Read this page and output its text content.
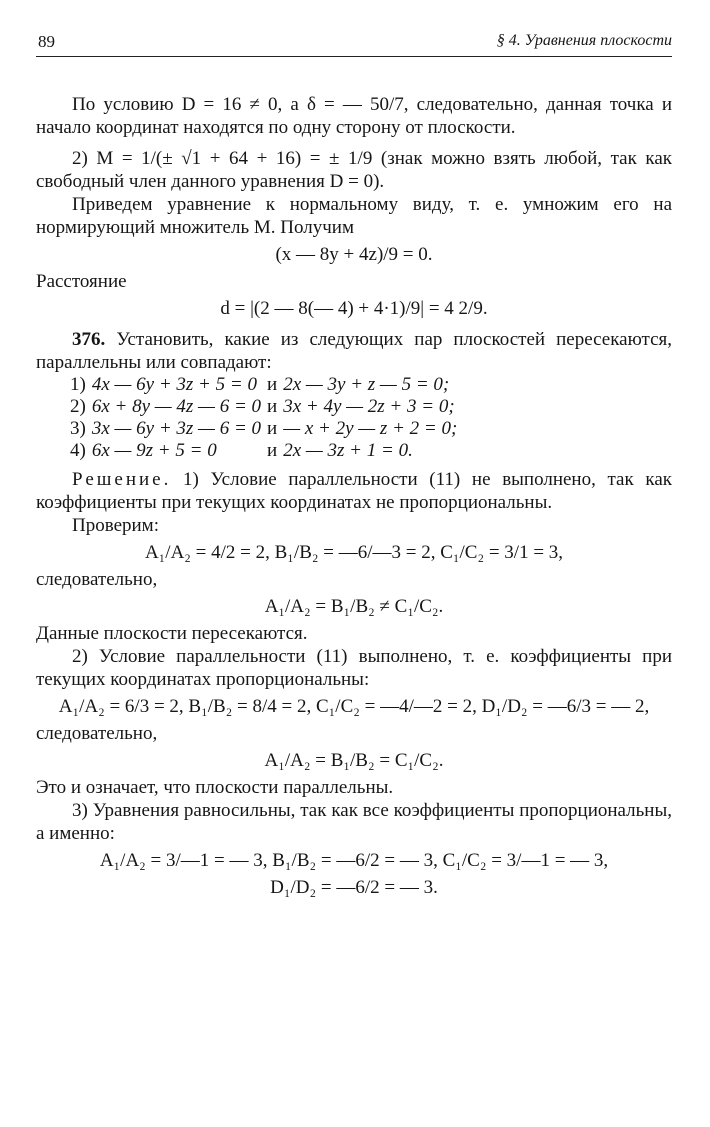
89	§ 4. Уравнения плоскости

По условию D = 16 ≠ 0, а δ = — 50/7, следовательно, данная точка и начало координат находятся по одну сторону от плоскости.

2) M = 1/(± √1 + 64 + 16) = ± 1/9 (знак можно взять любой, так как свободный член данного уравнения D = 0).

Приведем уравнение к нормальному виду, т. е. умножим его на нормирующий множитель M. Получим

(x — 8y + 4z)/9 = 0.

Расстояние

d = |(2 — 8(— 4) + 4·1)/9| = 4 2/9.

376. Установить, какие из следующих пар плоскостей пересекаются, параллельны или совпадают:

1)	4x — 6y + 3z + 5 = 0	и	2x — 3y + z — 5 = 0;
2)	6x + 8y — 4z — 6 = 0	и	3x + 4y — 2z + 3 = 0;
3)	3x — 6y + 3z — 6 = 0	и	— x + 2y — z + 2 = 0;
4)	6x — 9z + 5 = 0	и	2x — 3z + 1 = 0.

Решение. 1) Условие параллельности (11) не выполнено, так как коэффициенты при текущих координатах не пропорциональны.

Проверим:

A₁/A₂ = 4/2 = 2, B₁/B₂ = —6/—3 = 2, C₁/C₂ = 3/1 = 3,

следовательно,

A₁/A₂ = B₁/B₂ ≠ C₁/C₂.

Данные плоскости пересекаются.

2) Условие параллельности (11) выполнено, т. е. коэффициенты при текущих координатах пропорциональны:

A₁/A₂ = 6/3 = 2, B₁/B₂ = 8/4 = 2, C₁/C₂ = —4/—2 = 2, D₁/D₂ = —6/3 = — 2,

следовательно,

A₁/A₂ = B₁/B₂ = C₁/C₂.

Это и означает, что плоскости параллельны.

3) Уравнения равносильны, так как все коэффициенты пропорциональны, а именно:

A₁/A₂ = 3/—1 = — 3, B₁/B₂ = —6/2 = — 3, C₁/C₂ = 3/—1 = — 3,

D₁/D₂ = —6/2 = — 3.
